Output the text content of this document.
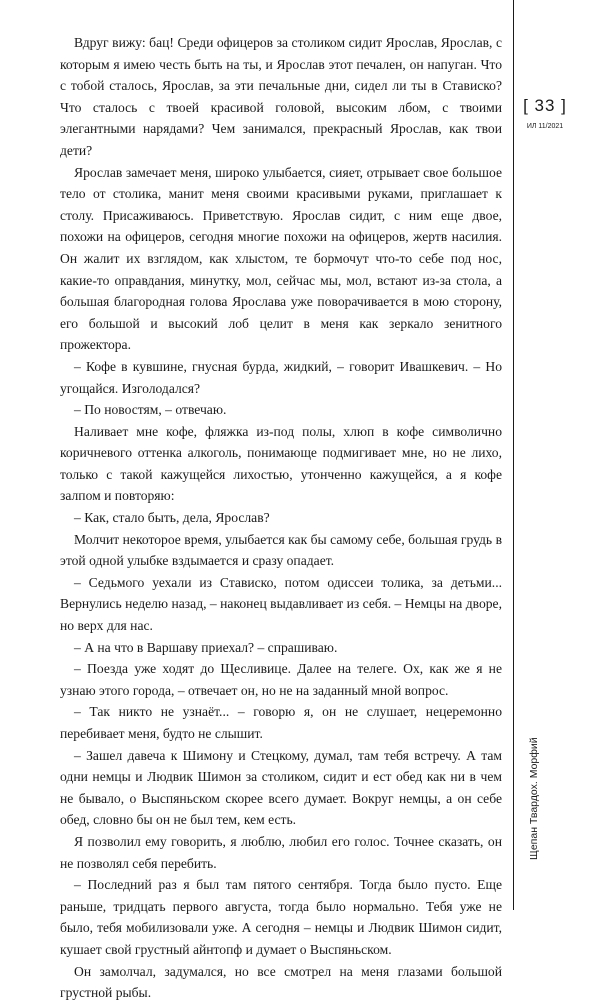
Вдруг вижу: бац! Среди офицеров за столиком сидит Ярослав, Ярослав, с которым я имею честь быть на ты, и Ярослав этот печален, он напуган. Что с тобой сталось, Ярослав, за эти печальные дни, сидел ли ты в Стависко? Что сталось с твоей красивой головой, высоким лбом, с твоими элегантными нарядами? Чем занимался, прекрасный Ярослав, как твои дети?

Ярослав замечает меня, широко улыбается, сияет, отрывает свое большое тело от столика, манит меня своими красивыми руками, приглашает к столу. Присаживаюсь. Приветствую. Ярослав сидит, с ним еще двое, похожи на офицеров, сегодня многие похожи на офицеров, жертв насилия. Он жалит их взглядом, как хлыстом, те бормочут что-то себе под нос, какие-то оправдания, минутку, мол, сейчас мы, мол, встают из-за стола, а большая благородная голова Ярослава уже поворачивается в мою сторону, его большой и высокий лоб целит в меня как зеркало зенитного прожектора.

– Кофе в кувшине, гнусная бурда, жидкий, – говорит Ивашкевич. – Но угощайся. Изголодался?

– По новостям, – отвечаю.

Наливает мне кофе, фляжка из-под полы, хлюп в кофе символично коричневого оттенка алкоголь, понимающе подмигивает мне, но не лихо, только с такой кажущейся лихостью, утонченно кажущейся, а я кофе залпом и повторяю:

– Как, стало быть, дела, Ярослав?

Молчит некоторое время, улыбается как бы самому себе, большая грудь в этой одной улыбке вздымается и сразу опадает.

– Седьмого уехали из Стависко, потом одиссеи толика, за детьми... Вернулись неделю назад, – наконец выдавливает из себя. – Немцы на дворе, но верх для нас.

– А на что в Варшаву приехал? – спрашиваю.

– Поезда уже ходят до Щесливице. Далее на телеге. Ох, как же я не узнаю этого города, – отвечает он, но не на заданный мной вопрос.

– Так никто не узнаёт... – говорю я, он не слушает, нецеремонно перебивает меня, будто не слышит.

– Зашел давеча к Шимону и Стецкому, думал, там тебя встречу. А там одни немцы и Людвик Шимон за столиком, сидит и ест обед как ни в чем не бывало, о Выспяньском скорее всего думает. Вокруг немцы, а он себе обед, словно бы он не был тем, кем есть.

Я позволил ему говорить, я люблю, любил его голос. Точнее сказать, он не позволял себя перебить.

– Последний раз я был там пятого сентября. Тогда было пусто. Еще раньше, тридцать первого августа, тогда было нормально. Тебя уже не было, тебя мобилизовали уже. А сегодня – немцы и Людвик Шимон сидит, кушает свой грустный айнтопф и думает о Выспяньском.

Он замолчал, задумался, но все смотрел на меня глазами большой грустной рыбы.

[ 33 ]
ИЛ 11/2021
Щепан Твардох. Морфий
